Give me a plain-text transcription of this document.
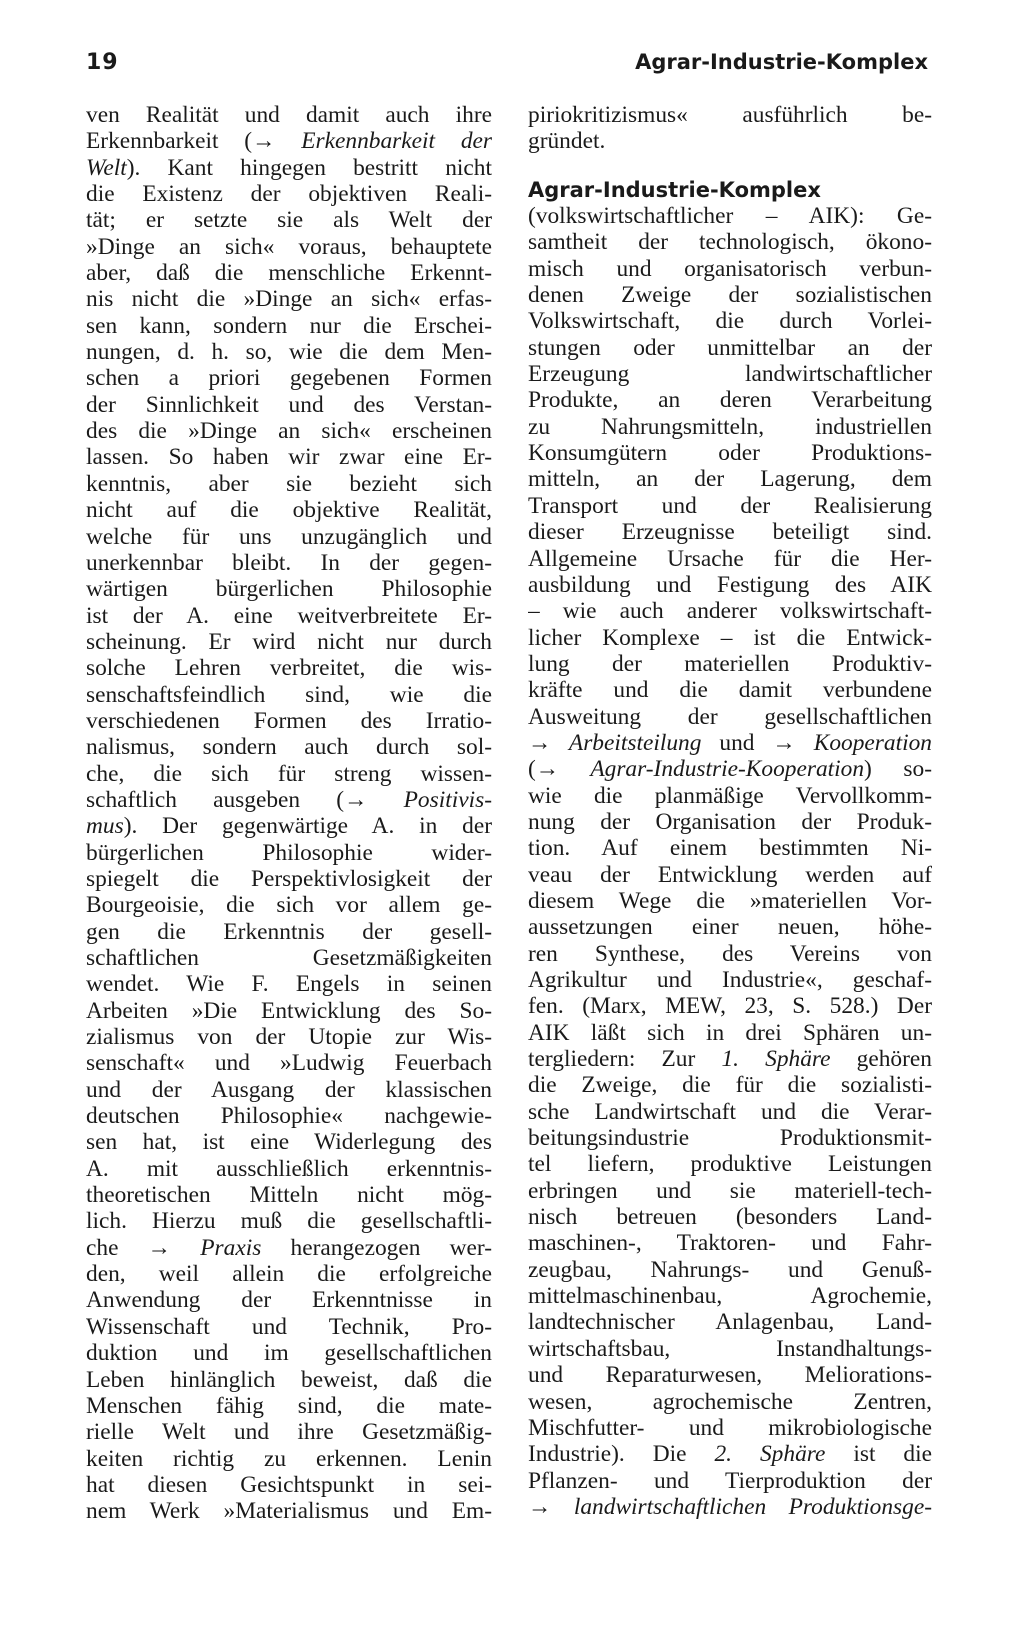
19	Agrar-Industrie-Komplex
ven Realität und damit auch ihre
Erkennbarkeit (→ Erkennbarkeit der
Welt). Kant hingegen bestritt nicht
die Existenz der objektiven Reali-
tät; er setzte sie als Welt der
»Dinge an sich« voraus, behauptete
aber, daß die menschliche Erkennt-
nis nicht die »Dinge an sich« erfas-
sen kann, sondern nur die Erschei-
nungen, d. h. so, wie die dem Men-
schen a priori gegebenen Formen
der Sinnlichkeit und des Verstan-
des die »Dinge an sich« erscheinen
lassen. So haben wir zwar eine Er-
kenntnis, aber sie bezieht sich
nicht auf die objektive Realität,
welche für uns unzugänglich und
unerkennbar bleibt. In der gegen-
wärtigen bürgerlichen Philosophie
ist der A. eine weitverbreitete Er-
scheinung. Er wird nicht nur durch
solche Lehren verbreitet, die wis-
senschaftsfeindlich sind, wie die
verschiedenen Formen des Irratio-
nalismus, sondern auch durch sol-
che, die sich für streng wissen-
schaftlich ausgeben (→ Positivis-
mus). Der gegenwärtige A. in der
bürgerlichen Philosophie wider-
spiegelt die Perspektivlosigkeit der
Bourgeoisie, die sich vor allem ge-
gen die Erkenntnis der gesell-
schaftlichen Gesetzmäßigkeiten
wendet. Wie F. Engels in seinen
Arbeiten »Die Entwicklung des So-
zialismus von der Utopie zur Wis-
senschaft« und »Ludwig Feuerbach
und der Ausgang der klassischen
deutschen Philosophie« nachgewie-
sen hat, ist eine Widerlegung des
A. mit ausschließlich erkenntnis-
theoretischen Mitteln nicht mög-
lich. Hierzu muß die gesellschaftli-
che → Praxis herangezogen wer-
den, weil allein die erfolgreiche
Anwendung der Erkenntnisse in
Wissenschaft und Technik, Pro-
duktion und im gesellschaftlichen
Leben hinlänglich beweist, daß die
Menschen fähig sind, die mate-
rielle Welt und ihre Gesetzmäßig-
keiten richtig zu erkennen. Lenin
hat diesen Gesichtspunkt in sei-
nem Werk »Materialismus und Em-
piriokritizismus« ausführlich be-
gründet.
Agrar-Industrie-Komplex
(volkswirtschaftlicher – AIK): Ge-
samtheit der technologisch, ökono-
misch und organisatorisch verbun-
denen Zweige der sozialistischen
Volkswirtschaft, die durch Vorlei-
stungen oder unmittelbar an der
Erzeugung landwirtschaftlicher
Produkte, an deren Verarbeitung
zu Nahrungsmitteln, industriellen
Konsumgütern oder Produktions-
mitteln, an der Lagerung, dem
Transport und der Realisierung
dieser Erzeugnisse beteiligt sind.
Allgemeine Ursache für die Her-
ausbildung und Festigung des AIK
– wie auch anderer volkswirtschaft-
licher Komplexe – ist die Entwick-
lung der materiellen Produktiv-
kräfte und die damit verbundene
Ausweitung der gesellschaftlichen
→ Arbeitsteilung und → Kooperation
(→ Agrar-Industrie-Kooperation) so-
wie die planmäßige Vervollkomm-
nung der Organisation der Produk-
tion. Auf einem bestimmten Ni-
veau der Entwicklung werden auf
diesem Wege die »materiellen Vor-
aussetzungen einer neuen, höhe-
ren Synthese, des Vereins von
Agrikultur und Industrie«, geschaf-
fen. (Marx, MEW, 23, S. 528.) Der
AIK läßt sich in drei Sphären un-
tergliedern: Zur 1. Sphäre gehören
die Zweige, die für die sozialisti-
sche Landwirtschaft und die Verar-
beitungsindustrie Produktionsmit-
tel liefern, produktive Leistungen
erbringen und sie materiell-tech-
nisch betreuen (besonders Land-
maschinen-, Traktoren- und Fahr-
zeugbau, Nahrungs- und Genuß-
mittelmaschinenbau, Agrochemie,
landtechnischer Anlagenbau, Land-
wirtschaftsbau, Instandhaltungs-
und Reparaturwesen, Meliorations-
wesen, agrochemische Zentren,
Mischfutter- und mikrobiologische
Industrie). Die 2. Sphäre ist die
Pflanzen- und Tierproduktion der
→ landwirtschaftlichen Produktionsge-
